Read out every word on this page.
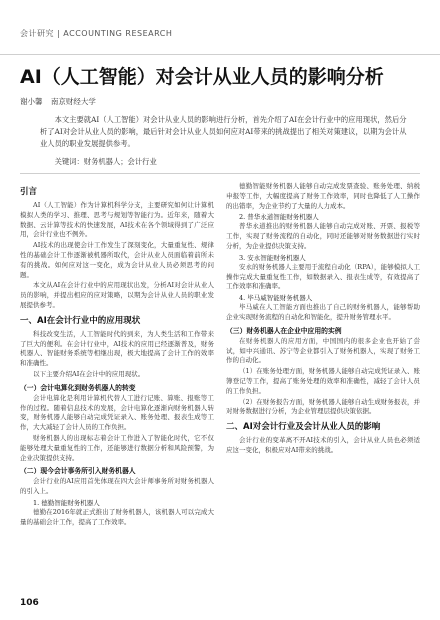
会计研究 | ACCOUNTING RESEARCH
AI（人工智能）对会计从业人员的影响分析
谢小馨 南京财经大学
本文主要就AI（人工智能）对会计从业人员的影响进行分析，首先介绍了AI在会计行业中的应用现状，然后分析了AI对会计从业人员的影响，最后针对会计从业人员如何应对AI带来的挑战提出了相关对策建议，以期为会计从业人员的职业发展提供参考。
关键词：财务机器人；会计行业
引言

AI（人工智能）作为计算机科学分支，主要研究如何让计算机模拟人类的学习、推理、思考与规划等智能行为。近年来，随着大数据、云计算等技术的快速发展，AI技术在各个领域得到了广泛应用，会计行业也不例外。

AI技术的出现使会计工作发生了深刻变化，大量重复性、规律性的基础会计工作逐渐被机器所取代，会计从业人员面临着前所未有的挑战。如何应对这一变化，成为会计从业人员必须思考的问题。

本文从AI在会计行业中的应用现状出发，分析AI对会计从业人员的影响，并提出相应的应对策略，以期为会计从业人员的职业发展提供参考。

一、AI在会计行业中的应用现状

科技改变生活，人工智能时代的到来，为人类生活和工作带来了巨大的便利。在会计行业中，AI技术的应用已经逐渐普及，财务机器人、智能财务系统等相继出现，极大地提高了会计工作的效率和准确性。

以下主要介绍AI在会计中的应用现状。

（一）会计电算化到财务机器人的转变

会计电算化是利用计算机代替人工进行记账、算账、报账等工作的过程。随着信息技术的发展，会计电算化逐渐向财务机器人转变，财务机器人能够自动完成凭证录入、账务处理、报表生成等工作，大大减轻了会计人员的工作负担。

财务机器人的出现标志着会计工作进入了智能化时代，它不仅能够处理大量重复性的工作，还能够进行数据分析和风险预警，为企业决策提供支持。

（二）现今会计事务所引入财务机器人

会计行业的AI应用首先体现在四大会计师事务所对财务机器人的引入上。

1. 德勤智能财务机器人

德勤在2016年就正式推出了财务机器人，该机器人可以完成大量的基础会计工作，提高了工作效率。

德勤智能财务机器人能够自动完成发票查验、账务处理、纳税申报等工作，大幅度提高了财务工作效率，同时也降低了人工操作的出错率，为企业节约了大量的人力成本。

2. 普华永道智能财务机器人

普华永道推出的财务机器人能够自动完成对账、开票、报税等工作，实现了财务流程的自动化，同时还能够对财务数据进行实时分析，为企业提供决策支持。

3. 安永智能财务机器人

安永的财务机器人主要用于流程自动化（RPA），能够模拟人工操作完成大量重复性工作，如数据录入、报表生成等，有效提高了工作效率和准确率。

4. 毕马威智能财务机器人

毕马威在人工智能方面也推出了自己的财务机器人，能够帮助企业实现财务流程的自动化和智能化，提升财务管理水平。

（三）财务机器人在企业中应用的实例

在财务机器人的应用方面，中国国内的很多企业也开始了尝试，如中兴通讯、苏宁等企业都引入了财务机器人，实现了财务工作的自动化。

（1）在账务处理方面，财务机器人能够自动完成凭证录入、账簿登记等工作，提高了账务处理的效率和准确性，减轻了会计人员的工作负担。

（2）在财务报告方面，财务机器人能够自动生成财务报表，并对财务数据进行分析，为企业管理层提供决策依据。

二、AI对会计行业及会计从业人员的影响

会计行业的变革离不开AI技术的引入，会计从业人员也必须适应这一变化，积极应对AI带来的挑战。

106
